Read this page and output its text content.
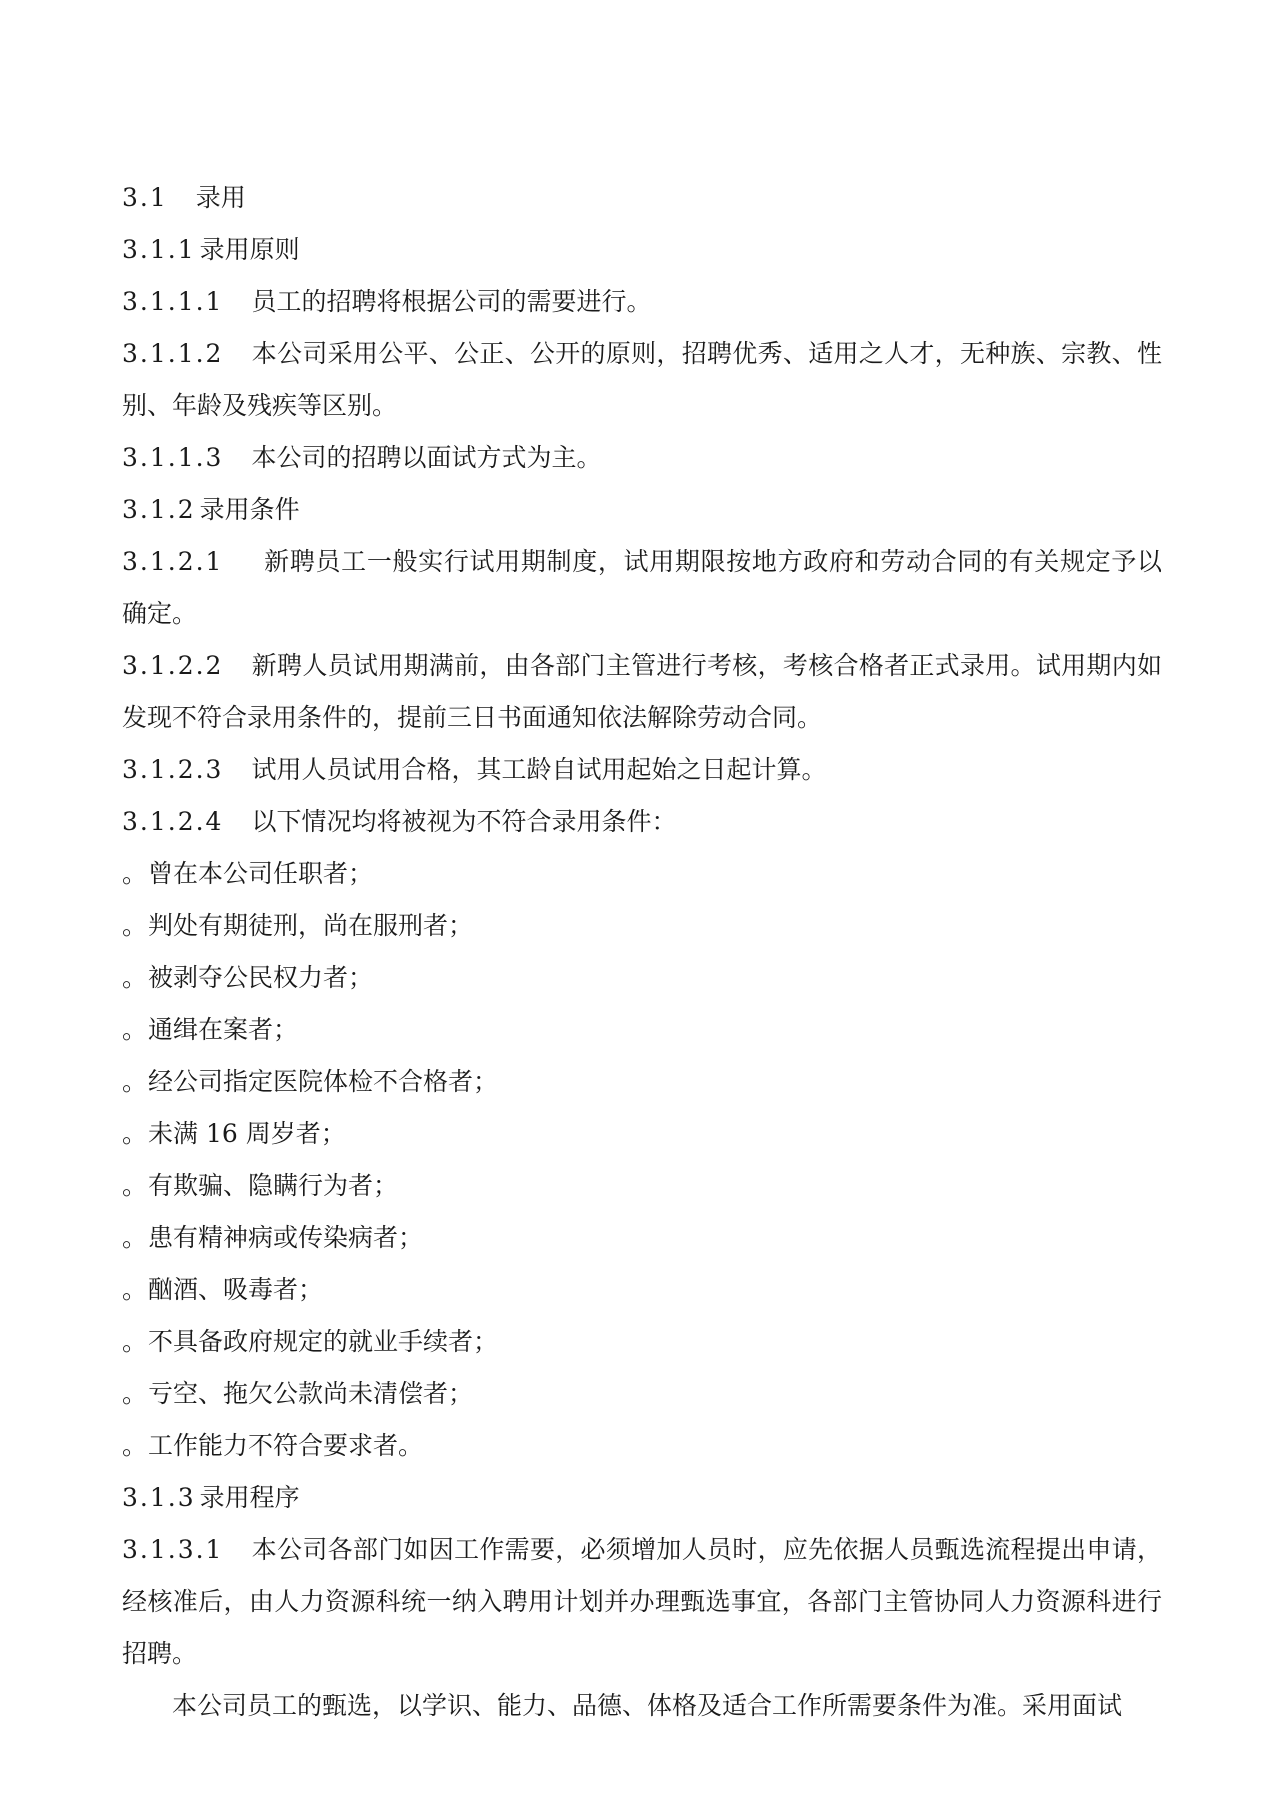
3.1 录用

3.1.1 录用原则

3.1.1.1 员工的招聘将根据公司的需要进行。

3.1.1.2 本公司采用公平、公正、公开的原则，招聘优秀、适用之人才，无种族、宗教、性别、年龄及残疾等区别。

3.1.1.3 本公司的招聘以面试方式为主。

3.1.2 录用条件

3.1.2.1 新聘员工一般实行试用期制度，试用期限按地方政府和劳动合同的有关规定予以确定。

3.1.2.2 新聘人员试用期满前，由各部门主管进行考核，考核合格者正式录用。试用期内如发现不符合录用条件的，提前三日书面通知依法解除劳动合同。

3.1.2.3 试用人员试用合格，其工龄自试用起始之日起计算。

3.1.2.4 以下情况均将被视为不符合录用条件：

。曾在本公司任职者；

。判处有期徒刑，尚在服刑者；

。被剥夺公民权力者；

。通缉在案者；

。经公司指定医院体检不合格者；

。未满 16 周岁者；

。有欺骗、隐瞒行为者；

。患有精神病或传染病者；

。酗酒、吸毒者；

。不具备政府规定的就业手续者；

。亏空、拖欠公款尚未清偿者；

。工作能力不符合要求者。

3.1.3 录用程序

3.1.3.1 本公司各部门如因工作需要，必须增加人员时，应先依据人员甄选流程提出申请，经核准后，由人力资源科统一纳入聘用计划并办理甄选事宜，各部门主管协同人力资源科进行招聘。

本公司员工的甄选，以学识、能力、品德、体格及适合工作所需要条件为准。采用面试
